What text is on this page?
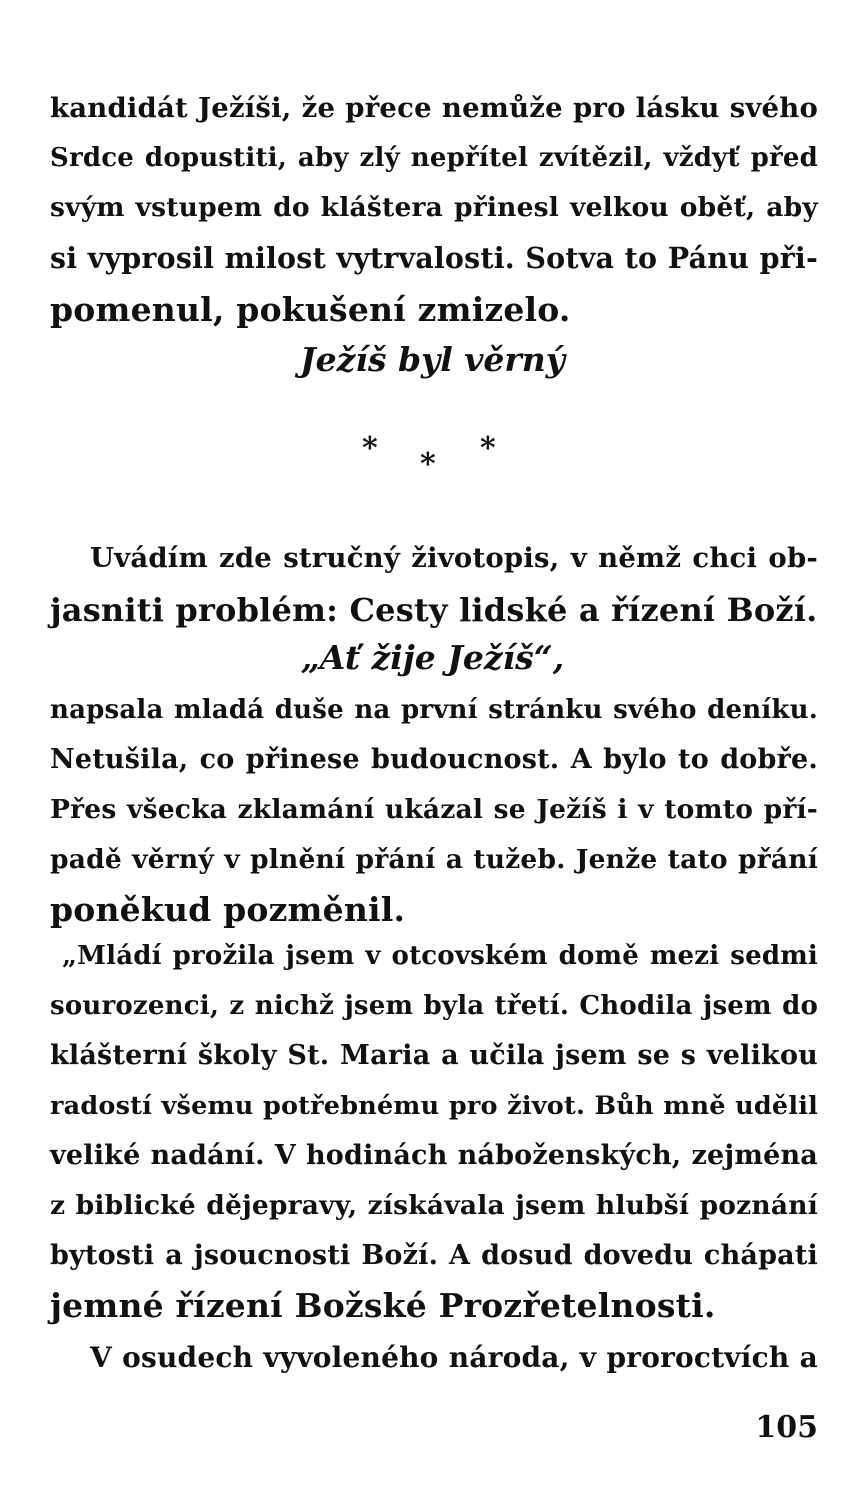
kandidát Ježíši, že přece nemůže pro lásku svého
Srdce dopustiti, aby zlý nepřítel zvítězil, vždyť před
svým vstupem do kláštera přinesl velkou oběť, aby
si vyprosil milost vytrvalosti. Sotva to Pánu při-
pomenul, pokušení zmizelo.
Ježíš byl věrný
* * *
Uvádím zde stručný životopis, v němž chci ob-
jasniti problém: Cesty lidské a řízení Boží.
„Ať žije Ježíš“,
napsala mladá duše na první stránku svého deníku.
Netušila, co přinese budoucnost. A bylo to dobře.
Přes všecka zklamání ukázal se Ježíš i v tomto pří-
padě věrný v plnění přání a tužeb. Jenže tato přání
poněkud pozměnil.
„Mládí prožila jsem v otcovském domě mezi sedmi
sourozenci, z nichž jsem byla třetí. Chodila jsem do
klášterní školy St. Maria a učila jsem se s velikou
radostí všemu potřebnému pro život. Bůh mně udělil
veliké nadání. V hodinách náboženských, zejména
z biblické dějepravy, získávala jsem hlubší poznání
bytosti a jsoucnosti Boží. A dosud dovedu chápati
jemné řízení Božské Prozřetelnosti.
V osudech vyvoleného národa, v proroctvích a
105
